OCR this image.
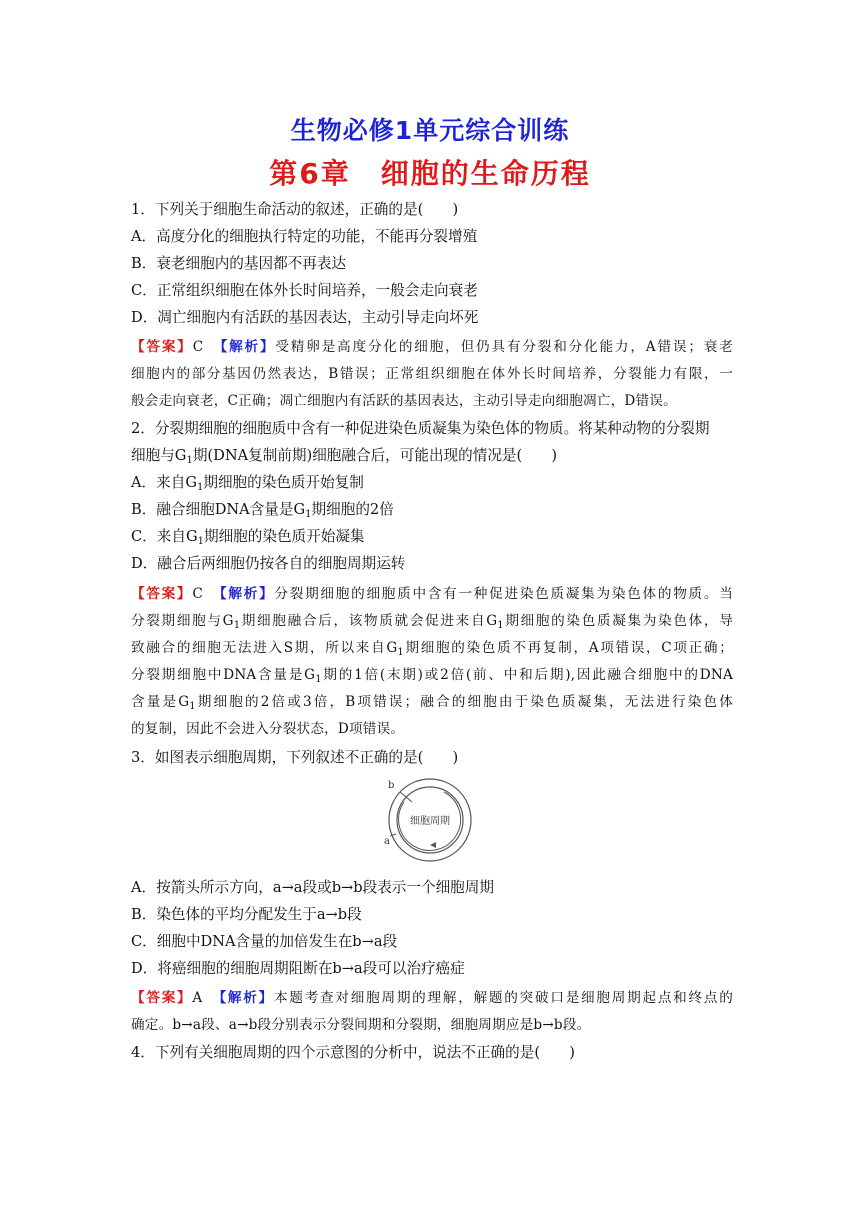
生物必修1单元综合训练
第6章　细胞的生命历程
1．下列关于细胞生命活动的叙述，正确的是(　　)
A．高度分化的细胞执行特定的功能，不能再分裂增殖
B．衰老细胞内的基因都不再表达
C．正常组织细胞在体外长时间培养，一般会走向衰老
D．凋亡细胞内有活跃的基因表达，主动引导走向坏死
【答案】C　 【解析】受精卵是高度分化的细胞，但仍具有分裂和分化能力，A错误；衰老
细胞内的部分基因仍然表达，B错误；正常组织细胞在体外长时间培养，分裂能力有限，一
般会走向衰老，C正确；凋亡细胞内有活跃的基因表达，主动引导走向细胞凋亡，D错误。
2．分裂期细胞的细胞质中含有一种促进染色质凝集为染色体的物质。将某种动物的分裂期
细胞与$G_1$期(DNA复制前期)细胞融合后，可能出现的情况是(　　)
A．来自$G_1$期细胞的染色质开始复制
B．融合细胞DNA含量是$G_1$期细胞的2倍
C．来自$G_1$期细胞的染色质开始凝集
D．融合后两细胞仍按各自的细胞周期运转
【答案】C　 【解析】分裂期细胞的细胞质中含有一种促进染色质凝集为染色体的物质。当
分裂期细胞与$G_1$期细胞融合后，该物质就会促进来自$G_1$期细胞的染色质凝集为染色体，导
致融合的细胞无法进入S期，所以来自$G_1$期细胞的染色质不再复制，A项错误，C项正确；
分裂期细胞中DNA含量是$G_1$期的1倍(末期)或2倍(前、中和后期),因此融合细胞中的DNA
含量是$G_1$期细胞的2倍或3倍，B项错误；融合的细胞由于染色质凝集，无法进行染色体
的复制，因此不会进入分裂状态，D项错误。
3．如图表示细胞周期，下列叙述不正确的是(　　)
b
a
细胞周期
A．按箭头所示方向，a→a段或b→b段表示一个细胞周期
B．染色体的平均分配发生于a→b段
C．细胞中DNA含量的加倍发生在b→a段
D．将癌细胞的细胞周期阻断在b→a段可以治疗癌症
【答案】A　 【解析】本题考查对细胞周期的理解，解题的突破口是细胞周期起点和终点的
确定。b→a段、a→b段分别表示分裂间期和分裂期，细胞周期应是b→b段。
4．下列有关细胞周期的四个示意图的分析中，说法不正确的是(　　)
